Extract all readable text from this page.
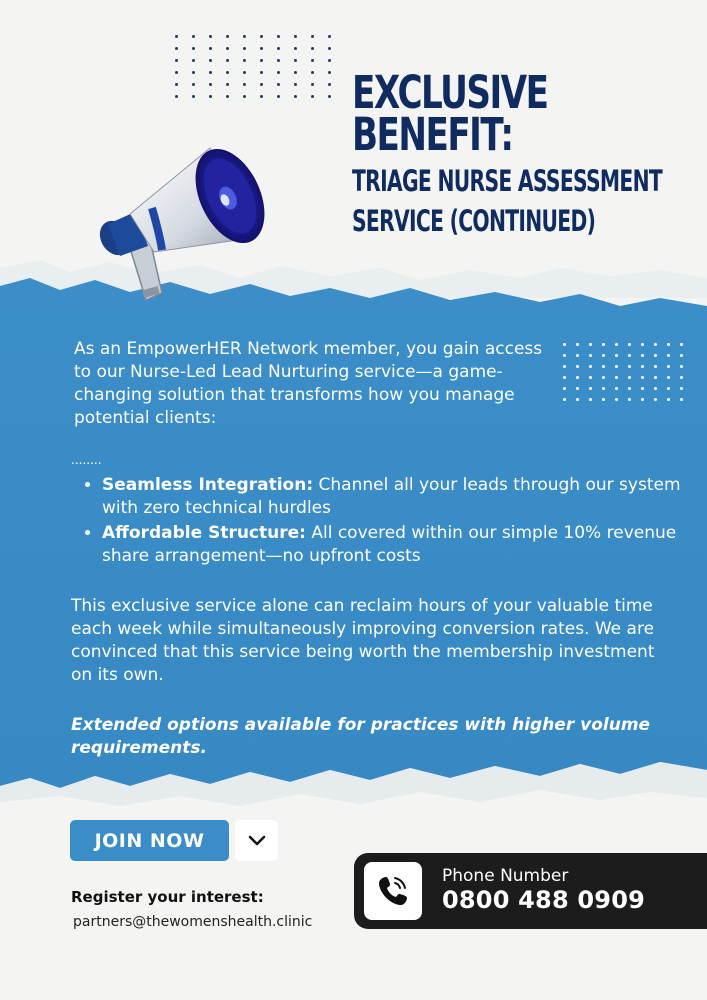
EXCLUSIVE
BENEFIT:
TRIAGE NURSE ASSESSMENT
SERVICE (CONTINUED)
As an EmpowerHER Network member, you gain access to our Nurse-Led Lead Nurturing service—a game-changing solution that transforms how you manage potential clients:
........
• Seamless Integration: Channel all your leads through our system with zero technical hurdles
• Affordable Structure: All covered within our simple 10% revenue share arrangement—no upfront costs
This exclusive service alone can reclaim hours of your valuable time each week while simultaneously improving conversion rates. We are convinced that this service being worth the membership investment on its own.
Extended options available for practices with higher volume requirements.
JOIN NOW
Register your interest:
partners@thewomenshealth.clinic
Phone Number
0800 488 0909
